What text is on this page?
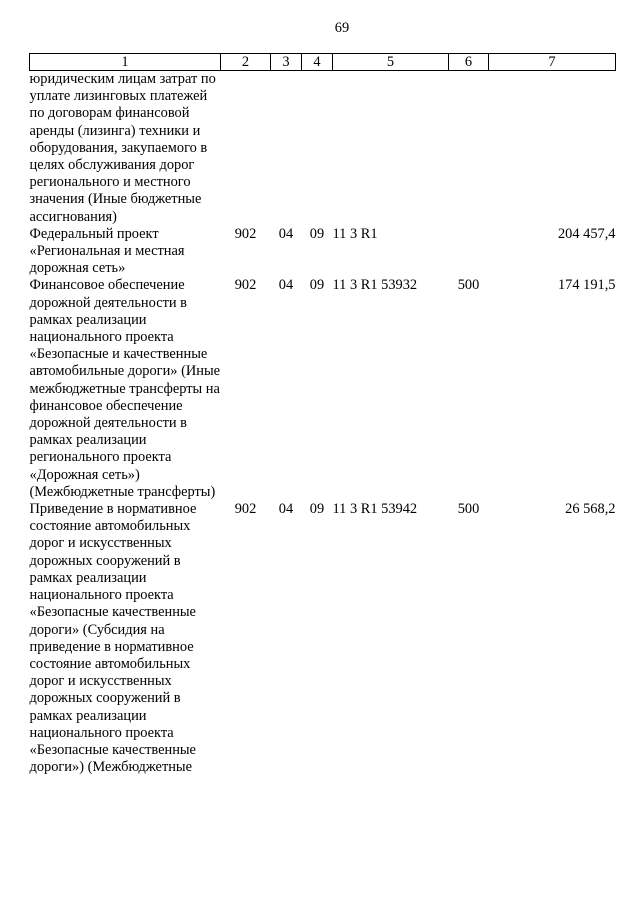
69
1	2	3	4	5	6	7
юридическим лицам затрат по уплате лизинговых платежей по договорам финансовой аренды (лизинга) техники и оборудования, закупаемого в целях обслуживания дорог регионального и местного значения (Иные бюджетные ассигнования)						
Федеральный проект «Региональная и местная дорожная сеть»	902	04	09	11 3 R1		204 457,4
Финансовое обеспечение дорожной деятельности в рамках реализации национального проекта «Безопасные и качественные автомобильные дороги» (Иные межбюджетные трансферты на финансовое обеспечение дорожной деятельности в рамках реализации регионального проекта «Дорожная сеть») (Межбюджетные трансферты)	902	04	09	11 3 R1 53932	500	174 191,5
Приведение в нормативное состояние автомобильных дорог и искусственных дорожных сооружений в рамках реализации национального проекта «Безопасные качественные дороги» (Субсидия на приведение в нормативное состояние автомобильных дорог и искусственных дорожных сооружений в рамках реализации национального проекта «Безопасные качественные дороги») (Межбюджетные	902	04	09	11 3 R1 53942	500	26 568,2
